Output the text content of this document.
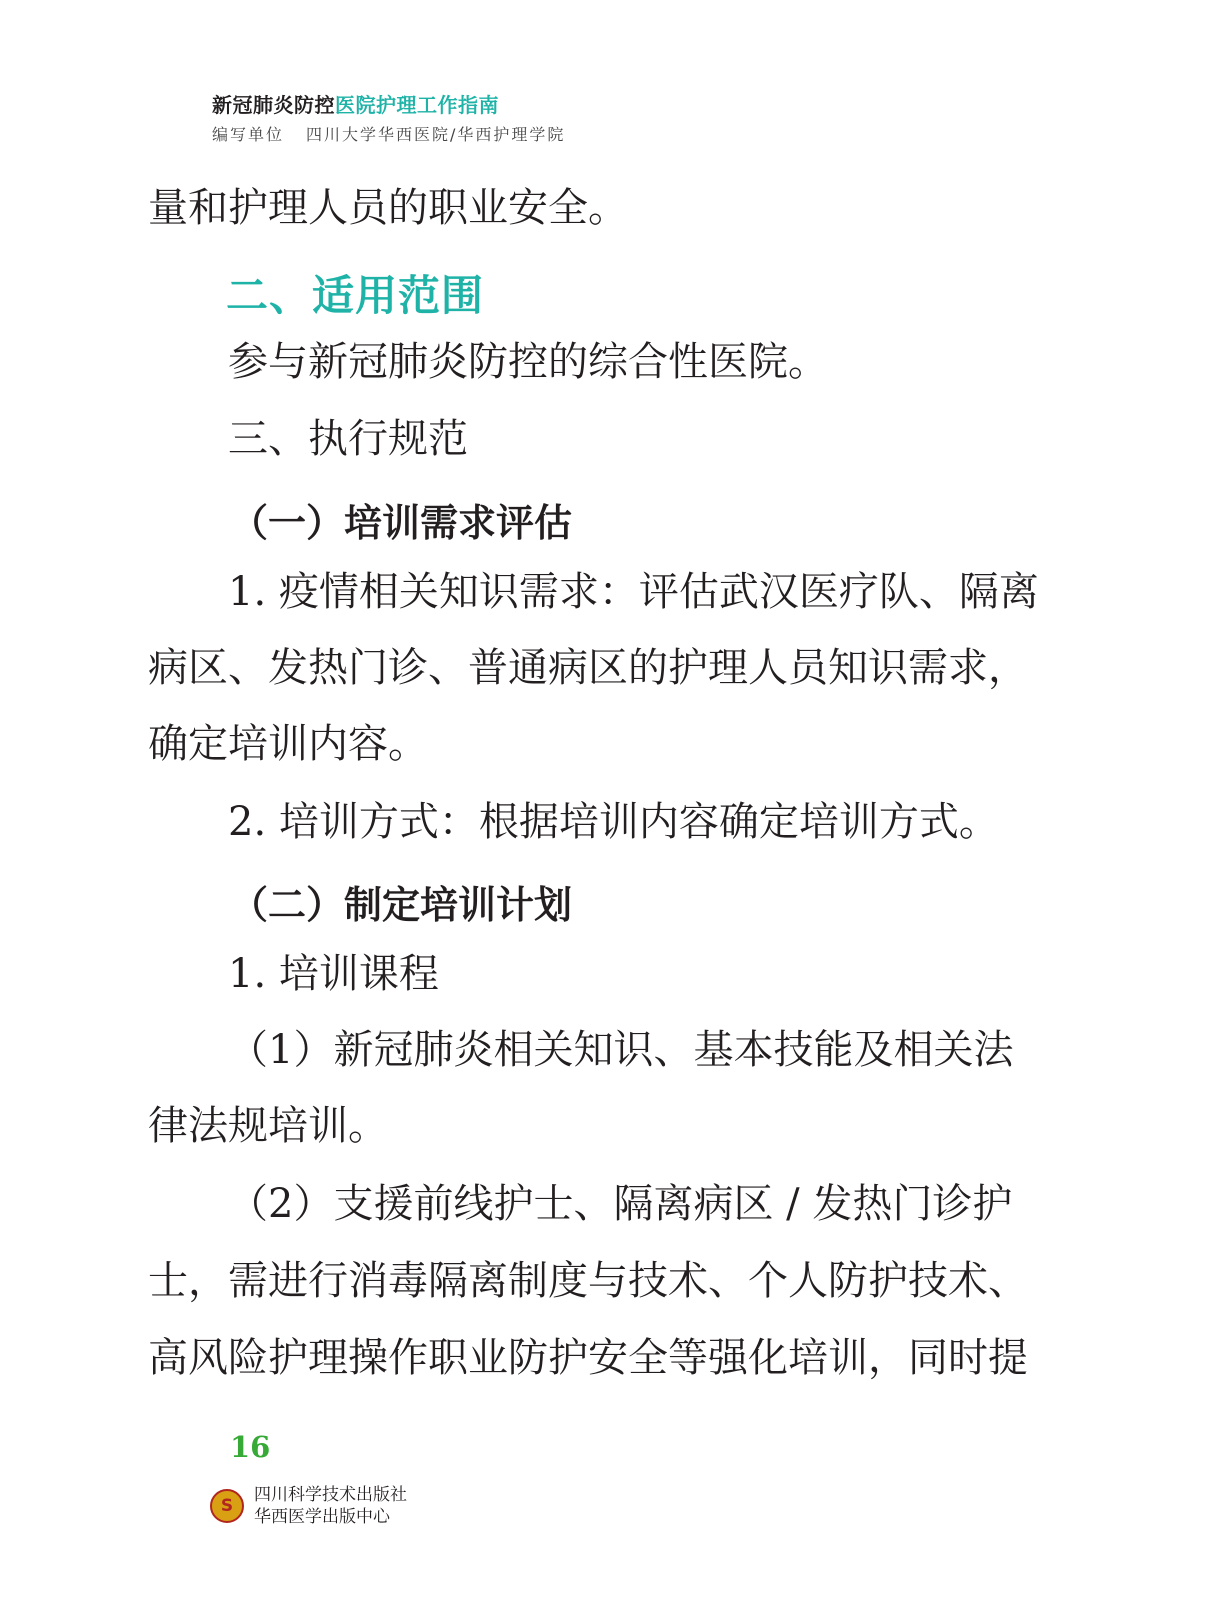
新冠肺炎防控医院护理工作指南
编写单位 四川大学华西医院/华西护理学院
量和护理人员的职业安全。
二、适用范围
参与新冠肺炎防控的综合性医院。
三、执行规范
（一）培训需求评估
1. 疫情相关知识需求：评估武汉医疗队、隔离
病区、发热门诊、普通病区的护理人员知识需求，
确定培训内容。
2. 培训方式：根据培训内容确定培训方式。
（二）制定培训计划
1. 培训课程
（1）新冠肺炎相关知识、基本技能及相关法
律法规培训。
（2）支援前线护士、隔离病区 / 发热门诊护
士，需进行消毒隔离制度与技术、个人防护技术、
高风险护理操作职业防护安全等强化培训，同时提
16
S
四川科学技术出版社
华西医学出版中心
